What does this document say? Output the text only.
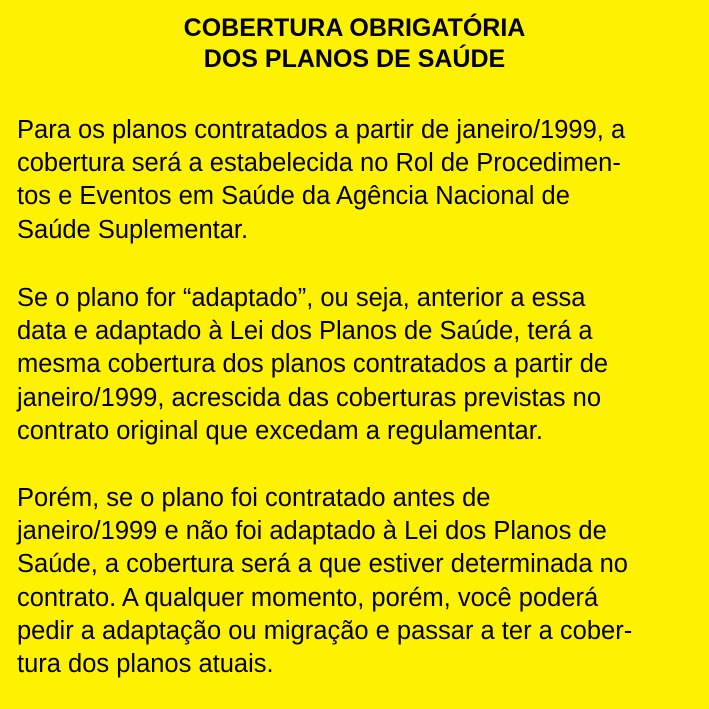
COBERTURA OBRIGATÓRIA
DOS PLANOS DE SAÚDE
Para os planos contratados a partir de janeiro/1999, a
cobertura será a estabelecida no Rol de Procedimen-
tos e Eventos em Saúde da Agência Nacional de
Saúde Suplementar.
Se o plano for “adaptado”, ou seja, anterior a essa
data e adaptado à Lei dos Planos de Saúde, terá a
mesma cobertura dos planos contratados a partir de
janeiro/1999, acrescida das coberturas previstas no
contrato original que excedam a regulamentar.
Porém, se o plano foi contratado antes de
janeiro/1999 e não foi adaptado à Lei dos Planos de
Saúde, a cobertura será a que estiver determinada no
contrato. A qualquer momento, porém, você poderá
pedir a adaptação ou migração e passar a ter a cober-
tura dos planos atuais.
